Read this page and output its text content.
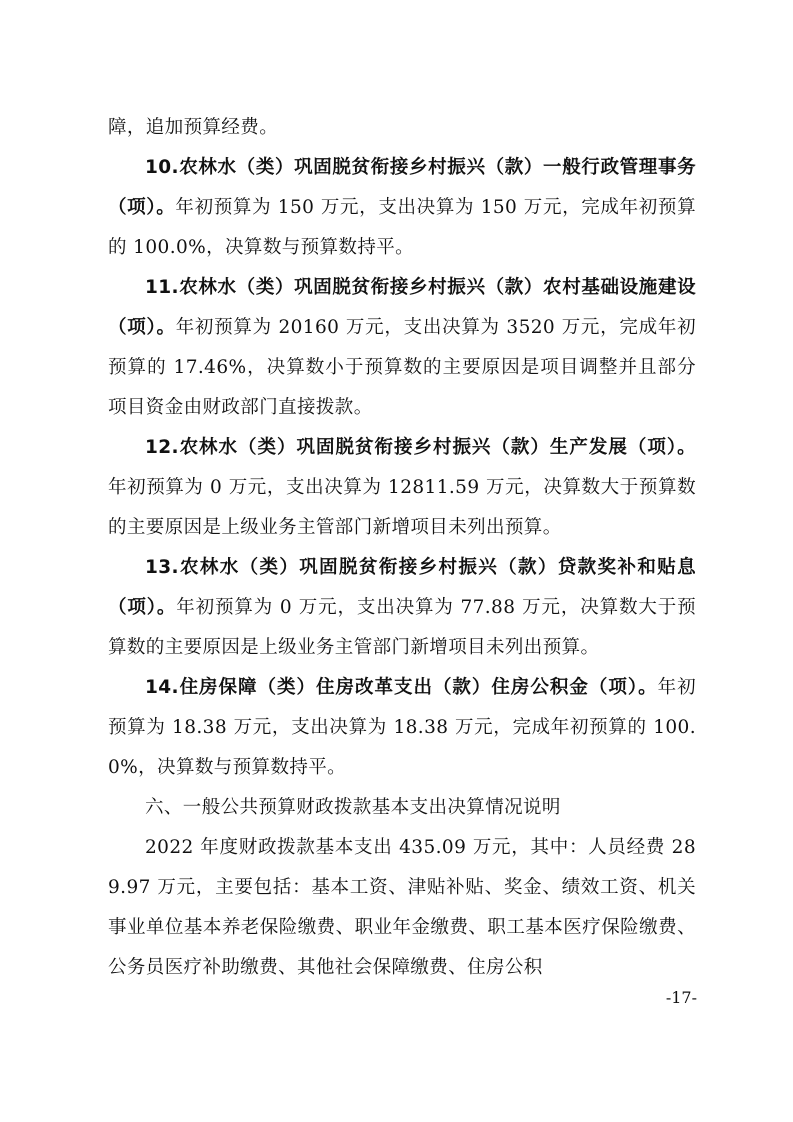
障，追加预算经费。

10.农林水（类）巩固脱贫衔接乡村振兴（款）一般行政管理事务（项）。年初预算为 150 万元，支出决算为 150 万元，完成年初预算的 100.0%，决算数与预算数持平。

11.农林水（类）巩固脱贫衔接乡村振兴（款）农村基础设施建设（项）。年初预算为 20160 万元，支出决算为 3520 万元，完成年初预算的 17.46%，决算数小于预算数的主要原因是项目调整并且部分项目资金由财政部门直接拨款。

12.农林水（类）巩固脱贫衔接乡村振兴（款）生产发展（项）。年初预算为 0 万元，支出决算为 12811.59 万元，决算数大于预算数的主要原因是上级业务主管部门新增项目未列出预算。

13.农林水（类）巩固脱贫衔接乡村振兴（款）贷款奖补和贴息（项）。年初预算为 0 万元，支出决算为 77.88 万元，决算数大于预算数的主要原因是上级业务主管部门新增项目未列出预算。

14.住房保障（类）住房改革支出（款）住房公积金（项）。年初预算为 18.38 万元，支出决算为 18.38 万元，完成年初预算的 100.0%，决算数与预算数持平。

六、一般公共预算财政拨款基本支出决算情况说明

2022 年度财政拨款基本支出 435.09 万元，其中：人员经费 289.97 万元，主要包括：基本工资、津贴补贴、奖金、绩效工资、机关事业单位基本养老保险缴费、职业年金缴费、职工基本医疗保险缴费、公务员医疗补助缴费、其他社会保障缴费、住房公积

-17-
